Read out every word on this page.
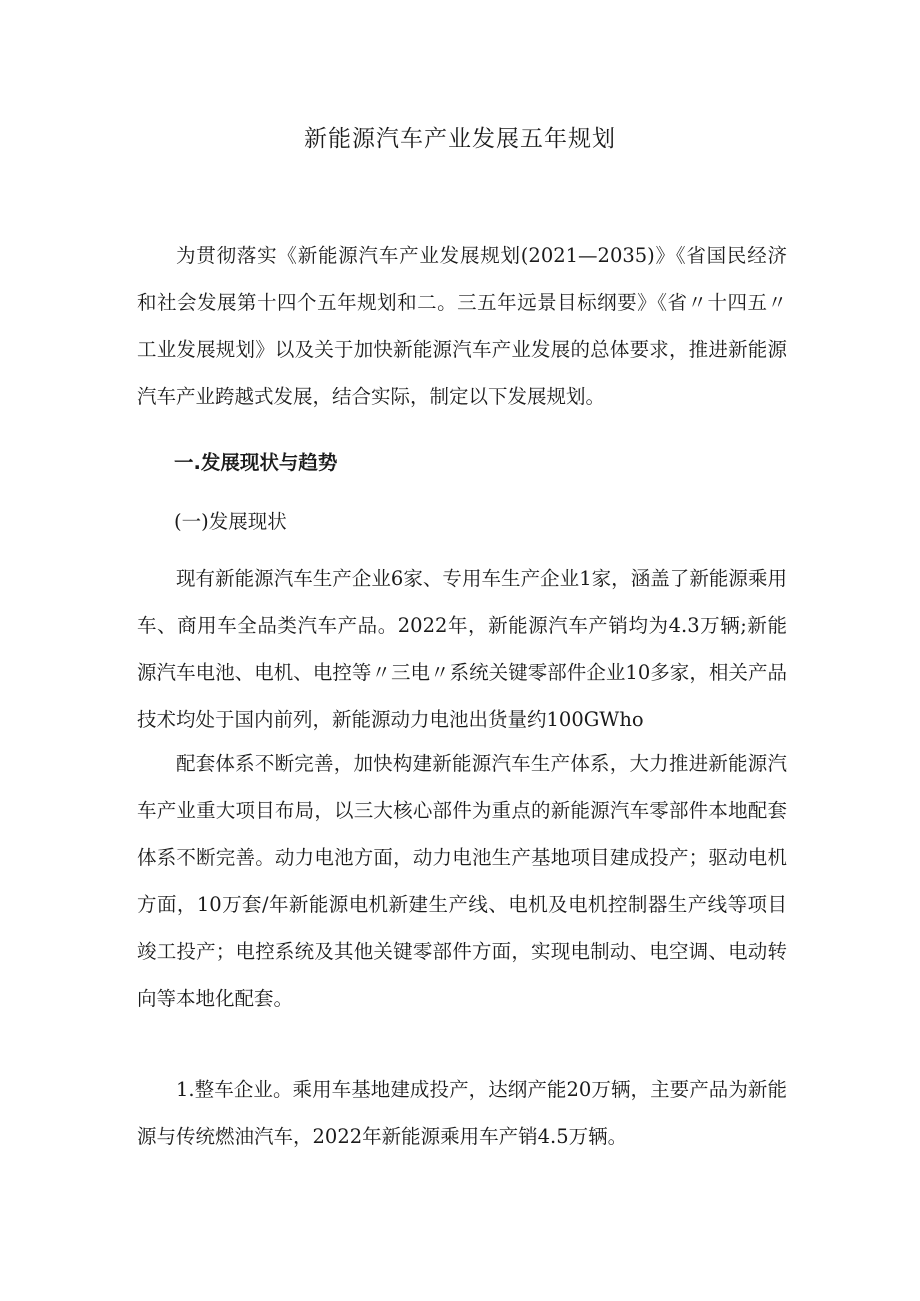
新能源汽车产业发展五年规划
为贯彻落实《新能源汽车产业发展规划(2021—2035)》《省国民经济和社会发展第十四个五年规划和二。三五年远景目标纲要》《省〃十四五〃工业发展规划》以及关于加快新能源汽车产业发展的总体要求，推进新能源汽车产业跨越式发展，结合实际，制定以下发展规划。
一.发展现状与趋势
(一)发展现状
现有新能源汽车生产企业6家、专用车生产企业1家，涵盖了新能源乘用车、商用车全品类汽车产品。2022年，新能源汽车产销均为4.3万辆;新能源汽车电池、电机、电控等〃三电〃系统关键零部件企业10多家，相关产品技术均处于国内前列，新能源动力电池出货量约100GWho
配套体系不断完善，加快构建新能源汽车生产体系，大力推进新能源汽车产业重大项目布局，以三大核心部件为重点的新能源汽车零部件本地配套体系不断完善。动力电池方面，动力电池生产基地项目建成投产；驱动电机方面，10万套/年新能源电机新建生产线、电机及电机控制器生产线等项目竣工投产；电控系统及其他关键零部件方面，实现电制动、电空调、电动转向等本地化配套。
1.整车企业。乘用车基地建成投产，达纲产能20万辆，主要产品为新能源与传统燃油汽车，2022年新能源乘用车产销4.5万辆。
